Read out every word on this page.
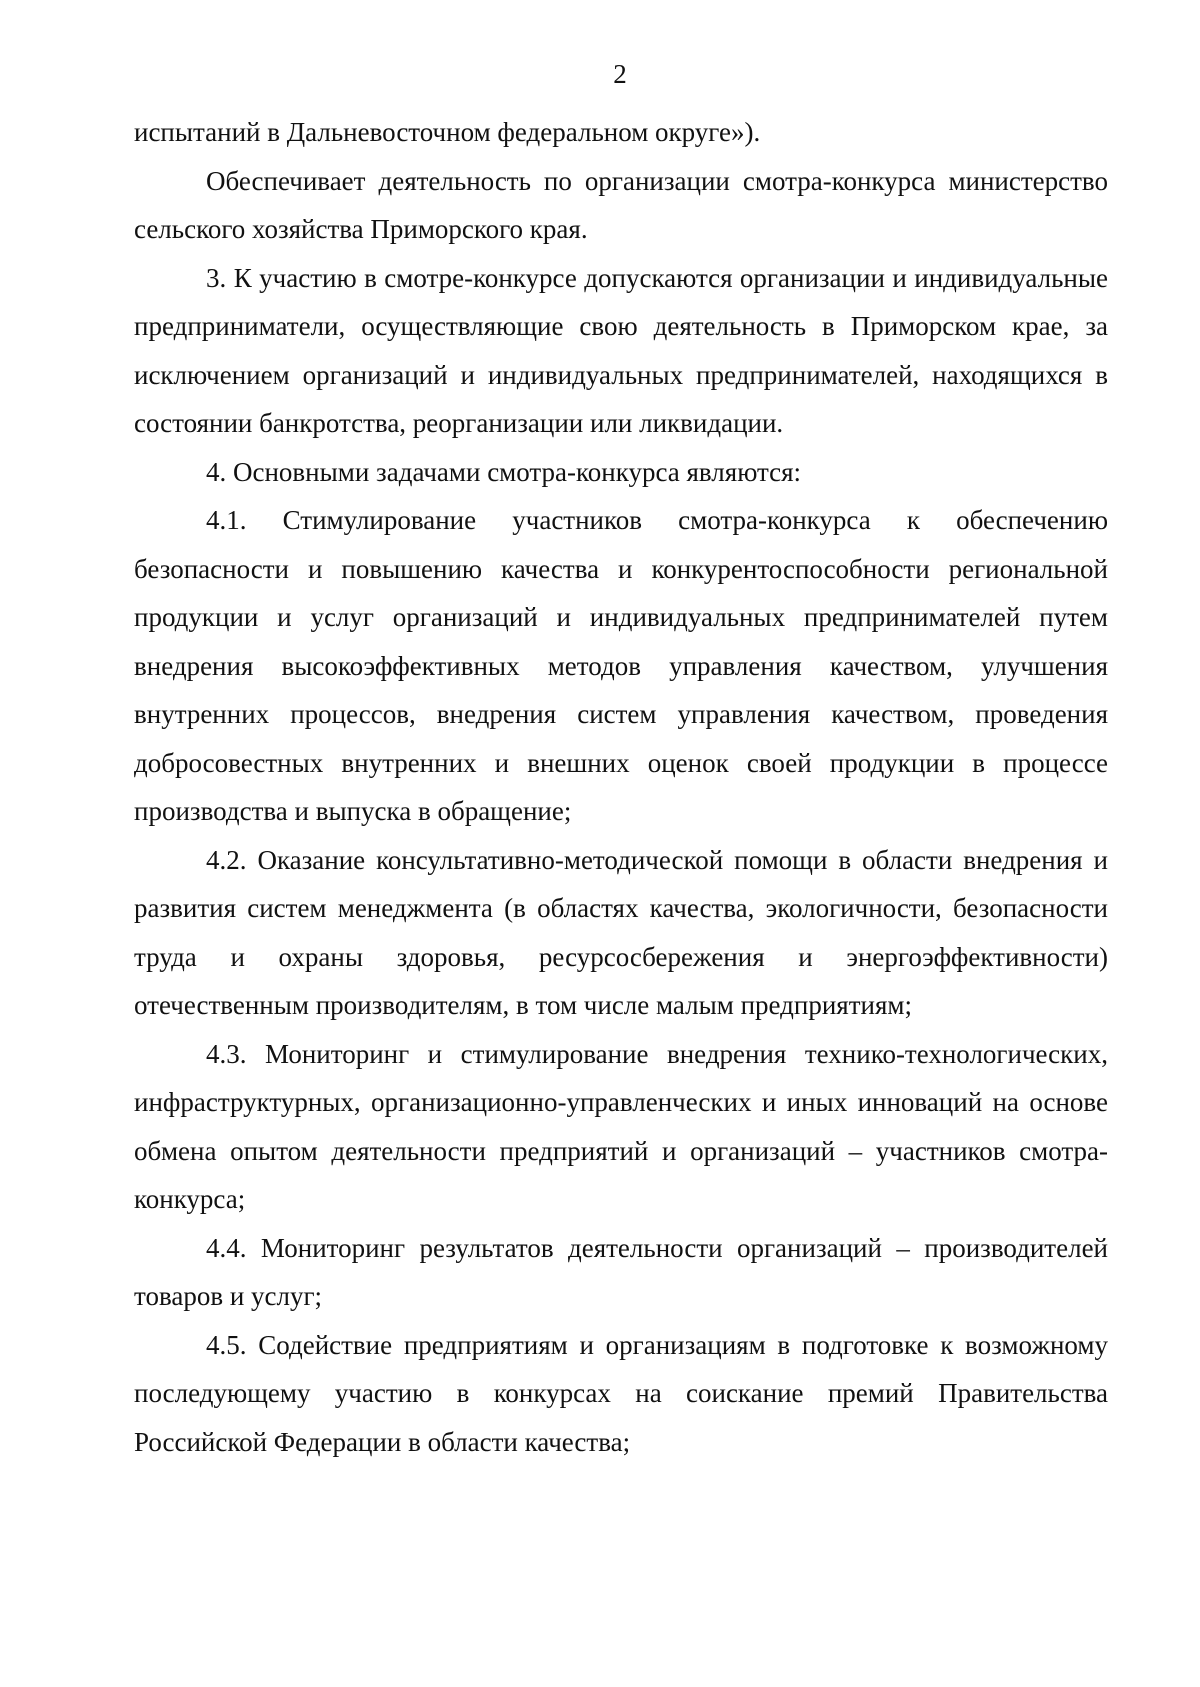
2

испытаний в Дальневосточном федеральном округе»).

Обеспечивает деятельность по организации смотра-конкурса министерство сельского хозяйства Приморского края.

3. К участию в смотре-конкурсе допускаются организации и индивидуальные предприниматели, осуществляющие свою деятельность в Приморском крае, за исключением организаций и индивидуальных предпринимателей, находящихся в состоянии банкротства, реорганизации или ликвидации.

4. Основными задачами смотра-конкурса являются:

4.1. Стимулирование участников смотра-конкурса к обеспечению безопасности и повышению качества и конкурентоспособности региональной продукции и услуг организаций и индивидуальных предпринимателей путем внедрения высокоэффективных методов управления качеством, улучшения внутренних процессов, внедрения систем управления качеством, проведения добросовестных внутренних и внешних оценок своей продукции в процессе производства и выпуска в обращение;

4.2. Оказание консультативно-методической помощи в области внедрения и развития систем менеджмента (в областях качества, экологичности, безопасности труда и охраны здоровья, ресурсосбережения и энергоэффективности) отечественным производителям, в том числе малым предприятиям;

4.3. Мониторинг и стимулирование внедрения технико-технологических, инфраструктурных, организационно-управленческих и иных инноваций на основе обмена опытом деятельности предприятий и организаций – участников смотра-конкурса;

4.4. Мониторинг результатов деятельности организаций – производителей товаров и услуг;

4.5. Содействие предприятиям и организациям в подготовке к возможному последующему участию в конкурсах на соискание премий Правительства Российской Федерации в области качества;
